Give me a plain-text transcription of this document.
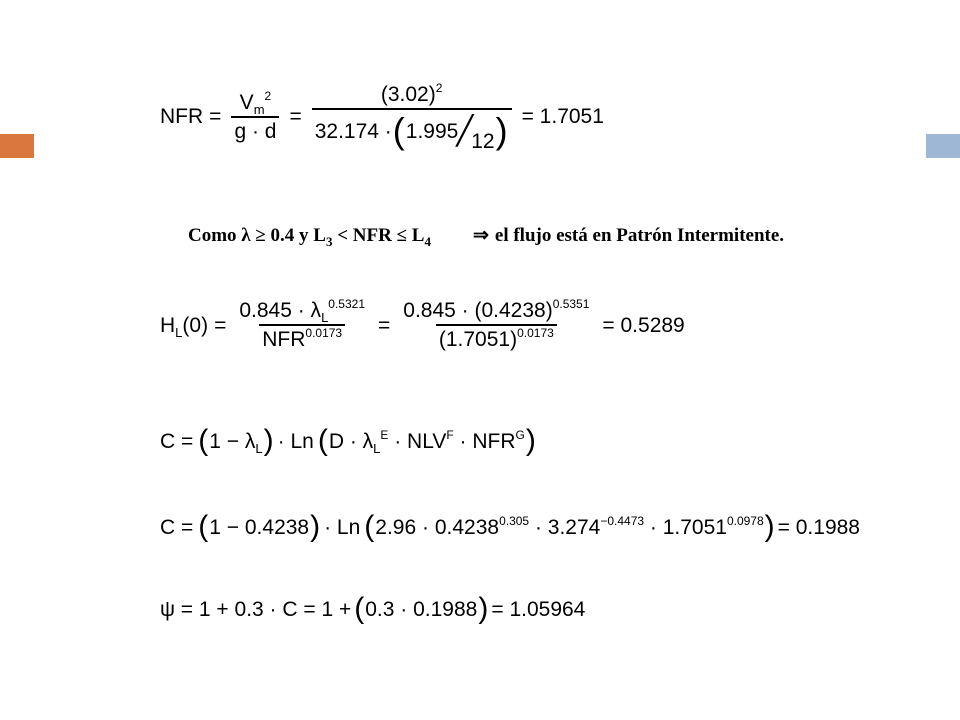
NFR = $\frac{V_m^2}{g \cdot d}$ =
$(3.02)^2$
32.174 · ( 1.995
╱
12 ) = 1.7051
Como λ ≥ 0.4 y $L_3$ < NFR ≤ $L_4$ ⇒ el flujo está en Patrón Intermitente.
$H_L(0) = \frac{0.845 \cdot \lambda_L^{0.5321}}{NFR^{0.0173}} = \frac{0.845 \cdot (0.4238)^{0.5351}}{(1.7051)^{0.0173}} = 0.5289$
C = ( $1 - \lambda_L$ ) · Ln ( $D \cdot \lambda_L^E \cdot NLV^F \cdot NFR^G$ )
C = ( 1 − 0.4238 ) · Ln ( $2.96 \cdot 0.4238^{0.305} \cdot 3.274^{-0.4473} \cdot 1.7051^{0.0978}$ ) = 0.1988
ψ = 1 + 0.3 · C = 1 + ( 0.3 · 0.1988 ) = 1.05964
